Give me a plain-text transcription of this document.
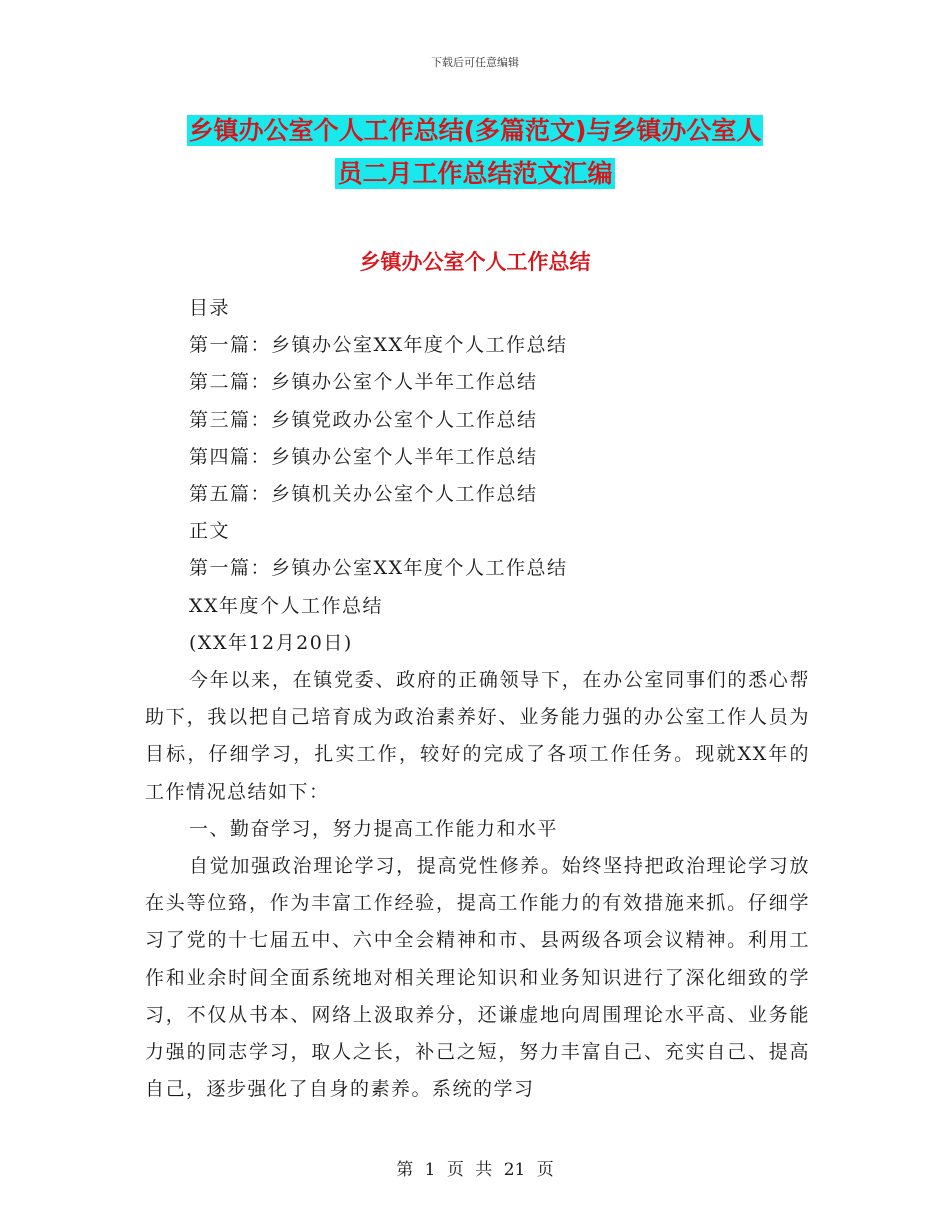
下载后可任意编辑
乡镇办公室个人工作总结(多篇范文)与乡镇办公室人
员二月工作总结范文汇编
乡镇办公室个人工作总结

目录

第一篇：乡镇办公室XX年度个人工作总结

第二篇：乡镇办公室个人半年工作总结

第三篇：乡镇党政办公室个人工作总结

第四篇：乡镇办公室个人半年工作总结

第五篇：乡镇机关办公室个人工作总结

正文

第一篇：乡镇办公室XX年度个人工作总结

XX年度个人工作总结

(XX年12月20日)

今年以来，在镇党委、政府的正确领导下，在办公室同事们的悉心帮助下，我以把自己培育成为政治素养好、业务能力强的办公室工作人员为目标，仔细学习，扎实工作，较好的完成了各项工作任务。现就XX年的工作情况总结如下：

一、勤奋学习，努力提高工作能力和水平

自觉加强政治理论学习，提高党性修养。始终坚持把政治理论学习放在头等位臵，作为丰富工作经验，提高工作能力的有效措施来抓。仔细学习了党的十七届五中、六中全会精神和市、县两级各项会议精神。利用工作和业余时间全面系统地对相关理论知识和业务知识进行了深化细致的学习，不仅从书本、网络上汲取养分，还谦虚地向周围理论水平高、业务能力强的同志学习，取人之长，补己之短，努力丰富自己、充实自己、提高自己，逐步强化了自身的素养。系统的学习

第 1 页 共 21 页
